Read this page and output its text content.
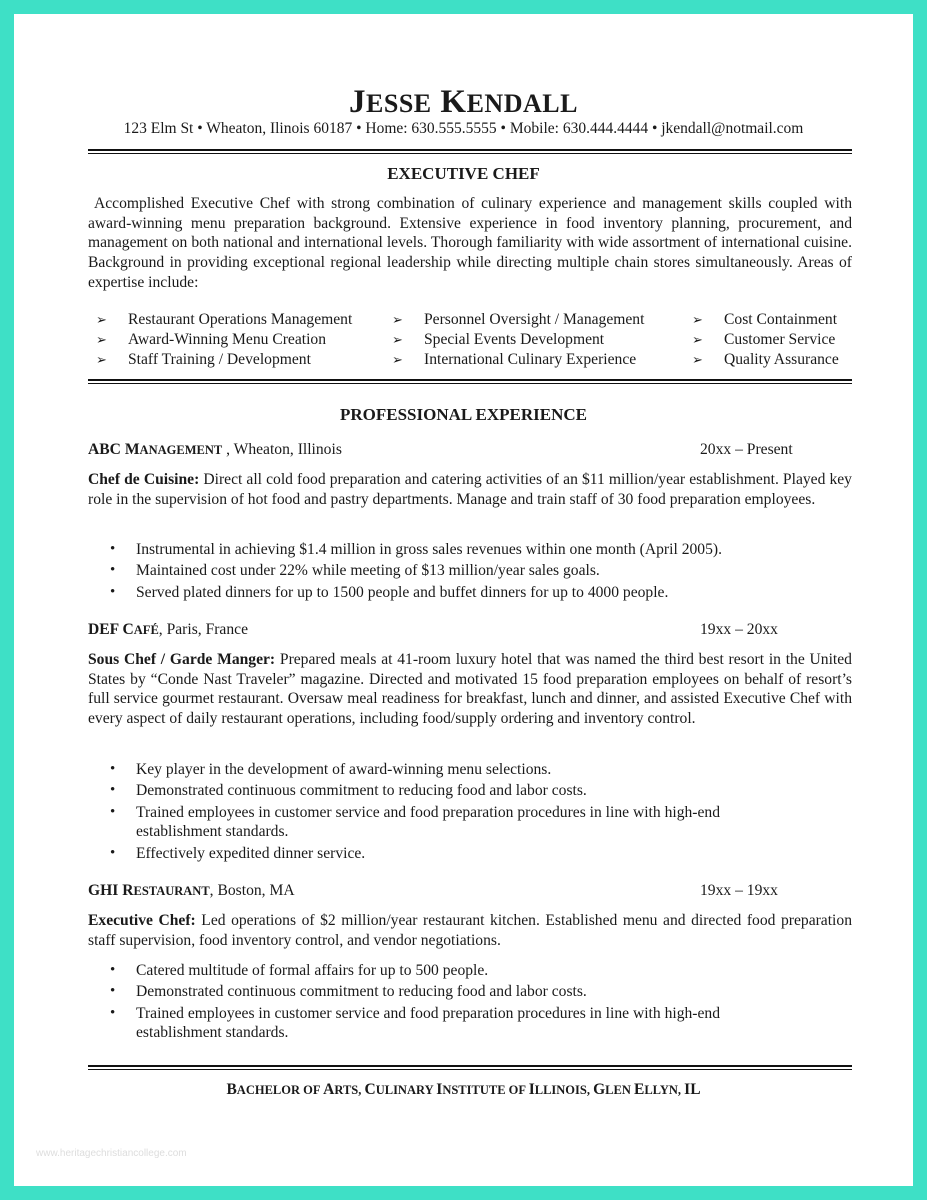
JESSE KENDALL
123 Elm St • Wheaton, Ilinois 60187 • Home: 630.555.5555 • Mobile: 630.444.4444 • jkendall@notmail.com
EXECUTIVE CHEF

Accomplished Executive Chef with strong combination of culinary experience and management skills coupled with award-winning menu preparation background. Extensive experience in food inventory planning, procurement, and management on both national and international levels. Thorough familiarity with wide assortment of international cuisine. Background in providing exceptional regional leadership while directing multiple chain stores simultaneously. Areas of expertise include:

➢ Restaurant Operations Management
➢ Award-Winning Menu Creation
➢ Staff Training / Development
➢ Personnel Oversight / Management
➢ Special Events Development
➢ International Culinary Experience
➢ Cost Containment
➢ Customer Service
➢ Quality Assurance
PROFESSIONAL EXPERIENCE
ABC MANAGEMENT , Wheaton, Illinois	20xx – Present

Chef de Cuisine: Direct all cold food preparation and catering activities of an $11 million/year establishment. Played key role in the supervision of hot food and pastry departments. Manage and train staff of 30 food preparation employees.

• Instrumental in achieving $1.4 million in gross sales revenues within one month (April 2005).
• Maintained cost under 22% while meeting of $13 million/year sales goals.
• Served plated dinners for up to 1500 people and buffet dinners for up to 4000 people.
DEF CAFÉ, Paris, France	19xx – 20xx

Sous Chef / Garde Manger: Prepared meals at 41-room luxury hotel that was named the third best resort in the United States by “Conde Nast Traveler” magazine. Directed and motivated 15 food preparation employees on behalf of resort’s full service gourmet restaurant. Oversaw meal readiness for breakfast, lunch and dinner, and assisted Executive Chef with every aspect of daily restaurant operations, including food/supply ordering and inventory control.

• Key player in the development of award-winning menu selections.
• Demonstrated continuous commitment to reducing food and labor costs.
• Trained employees in customer service and food preparation procedures in line with high-end establishment standards.
• Effectively expedited dinner service.
GHI RESTAURANT, Boston, MA	19xx – 19xx

Executive Chef: Led operations of $2 million/year restaurant kitchen. Established menu and directed food preparation staff supervision, food inventory control, and vendor negotiations.

• Catered multitude of formal affairs for up to 500 people.
• Demonstrated continuous commitment to reducing food and labor costs.
• Trained employees in customer service and food preparation procedures in line with high-end establishment standards.
BACHELOR OF ARTS, CULINARY INSTITUTE OF ILLINOIS, GLEN ELLYN, IL
www.heritagechristiancollege.com
